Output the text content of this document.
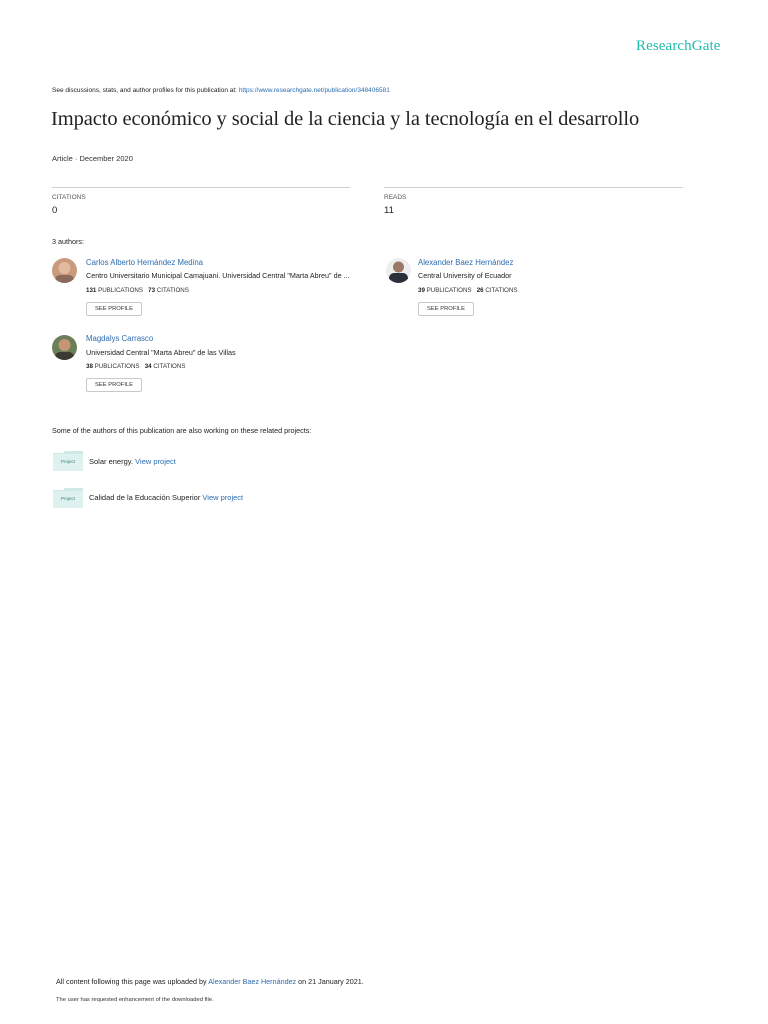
ResearchGate
See discussions, stats, and author profiles for this publication at: https://www.researchgate.net/publication/348406581
Impacto económico y social de la ciencia y la tecnología en el desarrollo
Article · December 2020
CITATIONS
0
READS
11
3 authors:
Carlos Alberto Hernández Medina
Centro Universitario Municipal Camajuani. Universidad Central "Marta Abreu" de ...
131 PUBLICATIONS 73 CITATIONS
SEE PROFILE
Alexander Baez Hernández
Central University of Ecuador
39 PUBLICATIONS 26 CITATIONS
SEE PROFILE
Magdalys Carrasco
Universidad Central "Marta Abreu" de las Villas
38 PUBLICATIONS 34 CITATIONS
SEE PROFILE
Some of the authors of this publication are also working on these related projects:
Project Solar energy. View project
Project Calidad de la Educación Superior View project
All content following this page was uploaded by Alexander Baez Hernández on 21 January 2021.
The user has requested enhancement of the downloaded file.
